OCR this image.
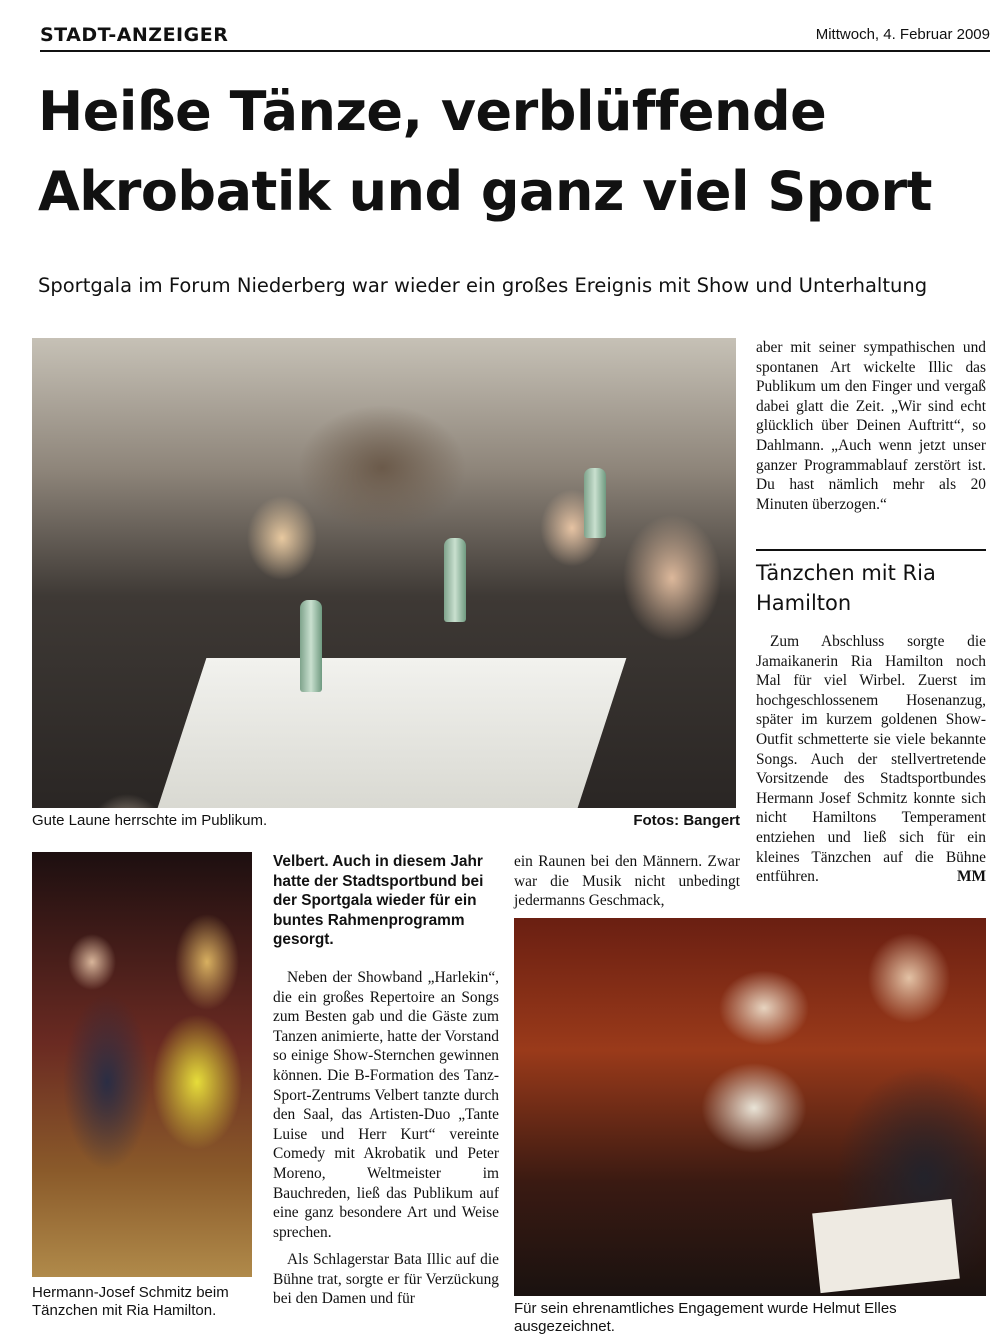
STADT-ANZEIGER	Mittwoch, 4. Februar 2009
Heiße Tänze, verblüffende
Akrobatik und ganz viel Sport
Sportgala im Forum Niederberg war wieder ein großes Ereignis mit Show und Unterhaltung
Gute Laune herrschte im Publikum.	Fotos: Bangert
Hermann-Josef Schmitz beim Tänzchen mit Ria Hamilton.
Velbert. Auch in diesem Jahr hatte der Stadtsportbund bei der Sportgala wieder für ein buntes Rahmenprogramm gesorgt.

Neben der Showband „Harlekin“, die ein großes Repertoire an Songs zum Besten gab und die Gäste zum Tanzen animierte, hatte der Vorstand so einige Show-Sternchen gewinnen können. Die B-Formation des Tanz-Sport-Zentrums Velbert tanzte durch den Saal, das Artisten-Duo „Tante Luise und Herr Kurt“ vereinte Comedy mit Akrobatik und Peter Moreno, Weltmeister im Bauchreden, ließ das Publikum auf eine ganz besondere Art und Weise sprechen.

Als Schlagerstar Bata Illic auf die Bühne trat, sorgte er für Verzückung bei den Damen und für

ein Raunen bei den Männern. Zwar war die Musik nicht unbedingt jedermanns Geschmack,

Für sein ehrenamtliches Engagement wurde Helmut Elles ausgezeichnet.

aber mit seiner sympathischen und spontanen Art wickelte Illic das Publikum um den Finger und vergaß dabei glatt die Zeit. „Wir sind echt glücklich über Deinen Auftritt“, so Dahlmann. „Auch wenn jetzt unser ganzer Programmablauf zerstört ist. Du hast nämlich mehr als 20 Minuten überzogen.“

Tänzchen mit Ria Hamilton

Zum Abschluss sorgte die Jamaikanerin Ria Hamilton noch Mal für viel Wirbel. Zuerst im hochgeschlossenem Hosenanzug, später im kurzem goldenen Show-Outfit schmetterte sie viele bekannte Songs. Auch der stellvertretende Vorsitzende des Stadtsportbundes Hermann Josef Schmitz konnte sich nicht Hamiltons Temperament entziehen und ließ sich für ein kleines Tänzchen auf die Bühne entführen.	MM
